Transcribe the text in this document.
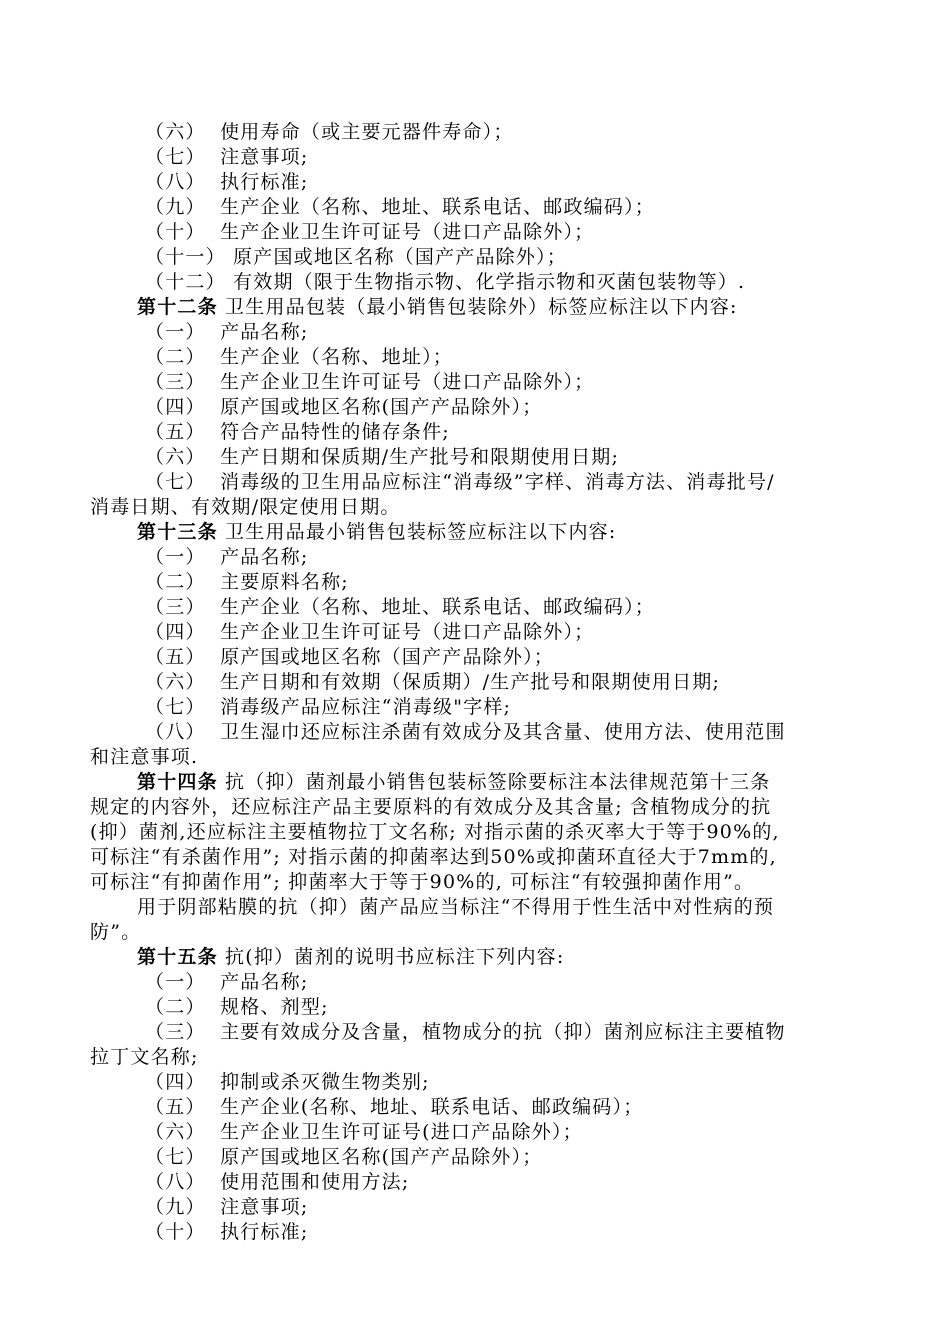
（六）  使用寿命（或主要元器件寿命）；
（七）  注意事项;
（八）  执行标准;
（九）  生产企业（名称、地址、联系电话、邮政编码）；
（十）  生产企业卫生许可证号（进口产品除外）；
（十一） 原产国或地区名称（国产产品除外）；
（十二） 有效期（限于生物指示物、化学指示物和灭菌包装物等）.
第十二条 卫生用品包装（最小销售包装除外）标签应标注以下内容:
（一）  产品名称;
（二）  生产企业（名称、地址）；
（三）  生产企业卫生许可证号（进口产品除外）；
（四）  原产国或地区名称(国产产品除外）；
（五）  符合产品特性的储存条件;
（六）  生产日期和保质期/生产批号和限期使用日期;
（七）  消毒级的卫生用品应标注“消毒级”字样、消毒方法、消毒批号/
消毒日期、有效期/限定使用日期。
第十三条 卫生用品最小销售包装标签应标注以下内容:
（一）  产品名称;
（二）  主要原料名称;
（三）  生产企业（名称、地址、联系电话、邮政编码）；
（四）  生产企业卫生许可证号（进口产品除外）；
（五）  原产国或地区名称（国产产品除外）；
（六）  生产日期和有效期（保质期）/生产批号和限期使用日期;
（七）  消毒级产品应标注“消毒级"字样;
（八）  卫生湿巾还应标注杀菌有效成分及其含量、使用方法、使用范围
和注意事项.
第十四条 抗（抑）菌剂最小销售包装标签除要标注本法律规范第十三条
规定的内容外，还应标注产品主要原料的有效成分及其含量; 含植物成分的抗
(抑）菌剂,还应标注主要植物拉丁文名称; 对指示菌的杀灭率大于等于90%的,
可标注“有杀菌作用”; 对指示菌的抑菌率达到50%或抑菌环直径大于7mm的,
可标注“有抑菌作用”; 抑菌率大于等于90%的, 可标注“有较强抑菌作用”。
用于阴部粘膜的抗（抑）菌产品应当标注“不得用于性生活中对性病的预
防”。
第十五条 抗(抑）菌剂的说明书应标注下列内容:
（一）  产品名称;
（二）  规格、剂型;
（三）  主要有效成分及含量，植物成分的抗（抑）菌剂应标注主要植物
拉丁文名称;
（四）  抑制或杀灭微生物类别;
（五）  生产企业(名称、地址、联系电话、邮政编码）；
（六）  生产企业卫生许可证号(进口产品除外）；
（七）  原产国或地区名称(国产产品除外）；
（八）  使用范围和使用方法;
（九）  注意事项;
（十）  执行标准;
